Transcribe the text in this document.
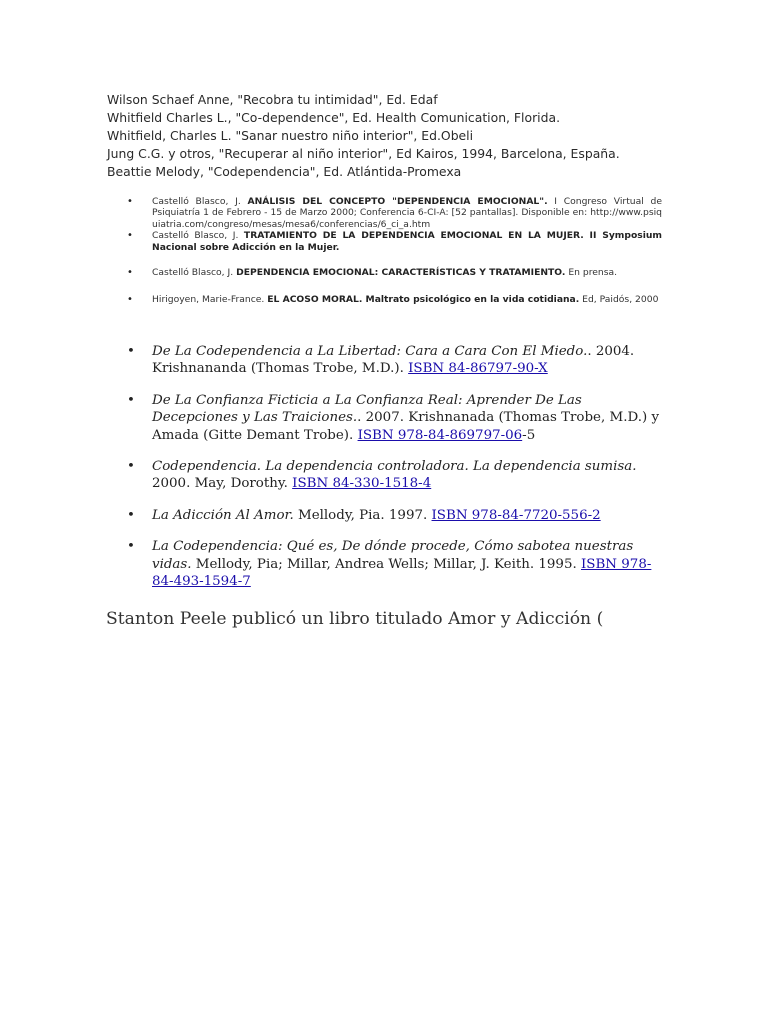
Wilson Schaef Anne, "Recobra tu intimidad", Ed. Edaf
Whitfield Charles L., "Co-dependence", Ed. Health Comunication, Florida.
Whitfield, Charles L. "Sanar nuestro niño interior", Ed.Obeli
Jung C.G. y otros, "Recuperar al niño interior", Ed Kairos, 1994, Barcelona, España.
Beattie Melody, "Codependencia", Ed. Atlántida-Promexa
• Castelló Blasco, J. ANÁLISIS DEL CONCEPTO "DEPENDENCIA EMOCIONAL". I Congreso Virtual de Psiquiatría 1 de Febrero - 15 de Marzo 2000; Conferencia 6-CI-A: [52 pantallas]. Disponible en: http://www.psiquiatria.com/congreso/mesas/mesa6/conferencias/6_ci_a.htm
• Castelló Blasco, J. TRATAMIENTO DE LA DEPENDENCIA EMOCIONAL EN LA MUJER. II Symposium Nacional sobre Adicción en la Mujer.
• Castelló Blasco, J. DEPENDENCIA EMOCIONAL: CARACTERÍSTICAS Y TRATAMIENTO. En prensa.
• Hirigoyen, Marie-France. EL ACOSO MORAL. Maltrato psicológico en la vida cotidiana. Ed, Paidós, 2000
• De La Codependencia a La Libertad: Cara a Cara Con El Miedo.. 2004. Krishnananda (Thomas Trobe, M.D.). ISBN 84-86797-90-X
• De La Confianza Ficticia a La Confianza Real: Aprender De Las Decepciones y Las Traiciones.. 2007. Krishnanada (Thomas Trobe, M.D.) y Amada (Gitte Demant Trobe). ISBN 978-84-869797-06-5
• Codependencia. La dependencia controladora. La dependencia sumisa. 2000. May, Dorothy. ISBN 84-330-1518-4
• La Adicción Al Amor. Mellody, Pia. 1997. ISBN 978-84-7720-556-2
• La Codependencia: Qué es, De dónde procede, Cómo sabotea nuestras vidas. Mellody, Pia; Millar, Andrea Wells; Millar, J. Keith. 1995. ISBN 978-84-493-1594-7
Stanton Peele publicó un libro titulado Amor y Adicción (
